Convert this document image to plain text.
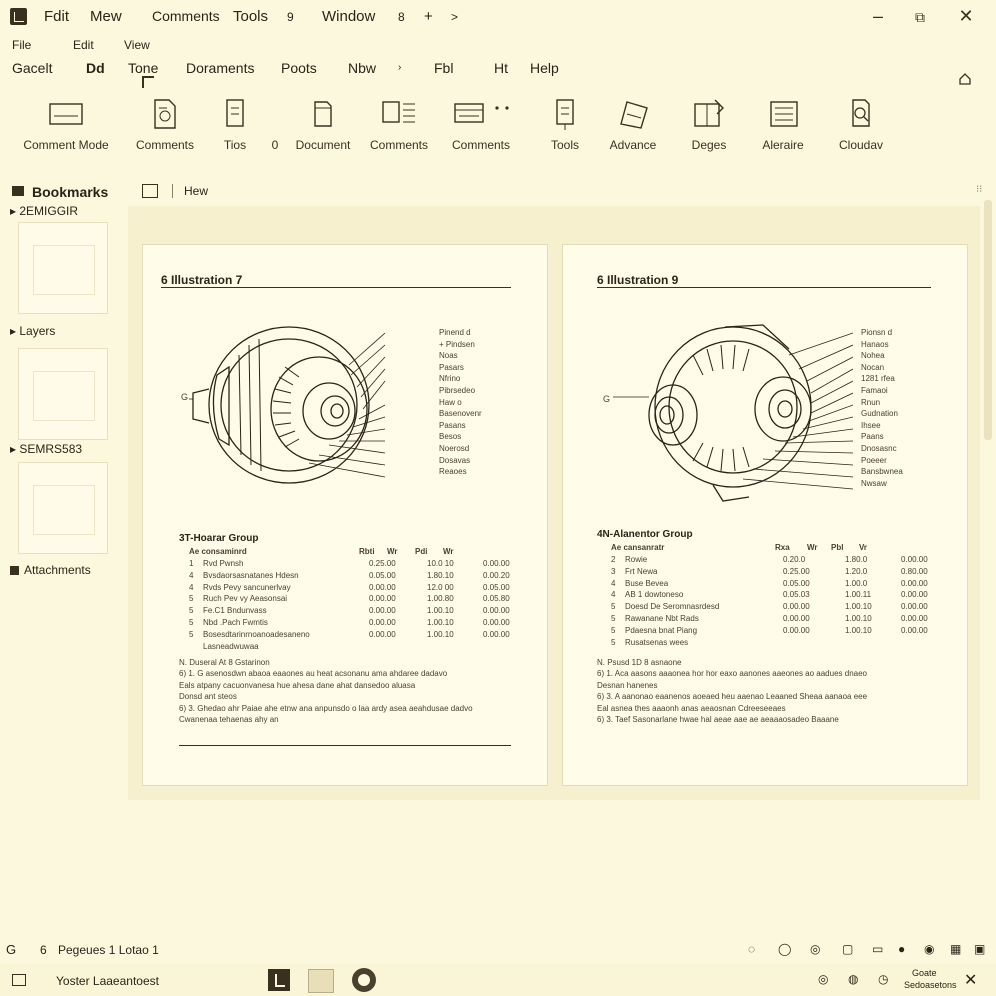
Fdit Mew Comments Tools 9 Window 8 + >	–	⧉	✕
File	Edit	View
Gacelt Dd Tone Doraments Poots Nbw › Fbl	Ht Help
Comment Mode	Comments	Tios	0	Document	Comments	Comments	Tools	Advance	Deges	Aleraire	Cloudav
Bookmarks
▸ 2EMIGGIR
▸ Layers
▸ SEMRS583
Attachments
Hew	⁝⁝
6 Illustration 7
G
Pinend d
+ Pindsen
Noas
Pasars
Nfrino
Pibrsedeo
Haw o
Basenovenr
Pasans
Besos
Noerosd
Dosavas
Reaoes
3T-Hoarar Group
Ae consaminrd	Rbti Wr Pdi Wr
1 Rvd Pwnsh	0.25.00	10.0 10	0.00.00
4 Bvsdaorsasnatanes Hdesn	0.05.00	1.80.10	0.00.20
4 Rvds Pevy sancunerlvay	0.00.00	12.0 00	0.05.00
5 Ruch Pev vy Aeasonsai	0.00.00	1.00.80	0.05.80
5 Fe.C1 Bndunvass	0.00.00	1.00.10	0.00.00
5 Nbd .Pach Fwmtis	0.00.00	1.00.10	0.00.00
5 Bosesdtarinrnoanoadesaneno	0.00.00	1.00.10	0.00.00
Lasneadwuwaa
N. Duseral At 8 Gstarinon
6) 1. G asenosdwn abaoa eaaones au heat acsonanu ama ahdaree dadavo
Eals atpany cacuonvanesa hue ahesa dane ahat dansedoo aluasa
Donsd ant steos
6) 3. Ghedao ahr Paiae ahe etnw ana anpunsdo o laa ardy asea aeahdusae dadvo
Cwanenaa tehaenas ahy an
6 Illustration 9
G
Pionsn d
Hanaos
Nohea
Nocan
1281 rfea
Famaoi
Rnun
Gudnation
Ihsee
Paans
Dnosasnc
Poeeer
Bansbwnea
Nwsaw
4N-Alanentor Group
Ae cansanratr	Rxa Wr Pbl Vr
2 Rowie	0.20.0	1.80.0	0.00.00
3 Frt Newa	0.25.00	1.20.0	0.80.00
4 Buse Bevea	0.05.00	1.00.0	0.00.00
4 AB 1 dowtoneso	0.05.03	1.00.11	0.00.00
5 Doesd De Seromnasrdesd	0.00.00	1.00.10	0.00.00
5 Rawanane Nbt Rads	0.00.00	1.00.10	0.00.00
5 Pdaesna bnat Piang	0.00.00	1.00.10	0.00.00
5 Rusatsenas wees
N. Psusd 1D 8 asnaone
6) 1. Aca aasons aaaonea hor hor eaxo aanones aaeones ao aadues dnaeo
Desnan hanenes
6) 3. A aanonao eaanenos aoeaed heu aaenao Leaaned Sheaa aanaoa eee
Eal asnea thes aaaonh anas aeaosnan Cdreeseeaes
6) 3. Taef Sasonarlane hwae hal aeae aae ae aeaaaosadeo Baaane
G 6 Pegeues 1 Lotao 1	◌ ◯ ◎ ▢ ▭ ● ◉ ▦ ▣
Yoster Laaeantoest	◎ ◍ ◷	Goate
Sedoasetons ✕
